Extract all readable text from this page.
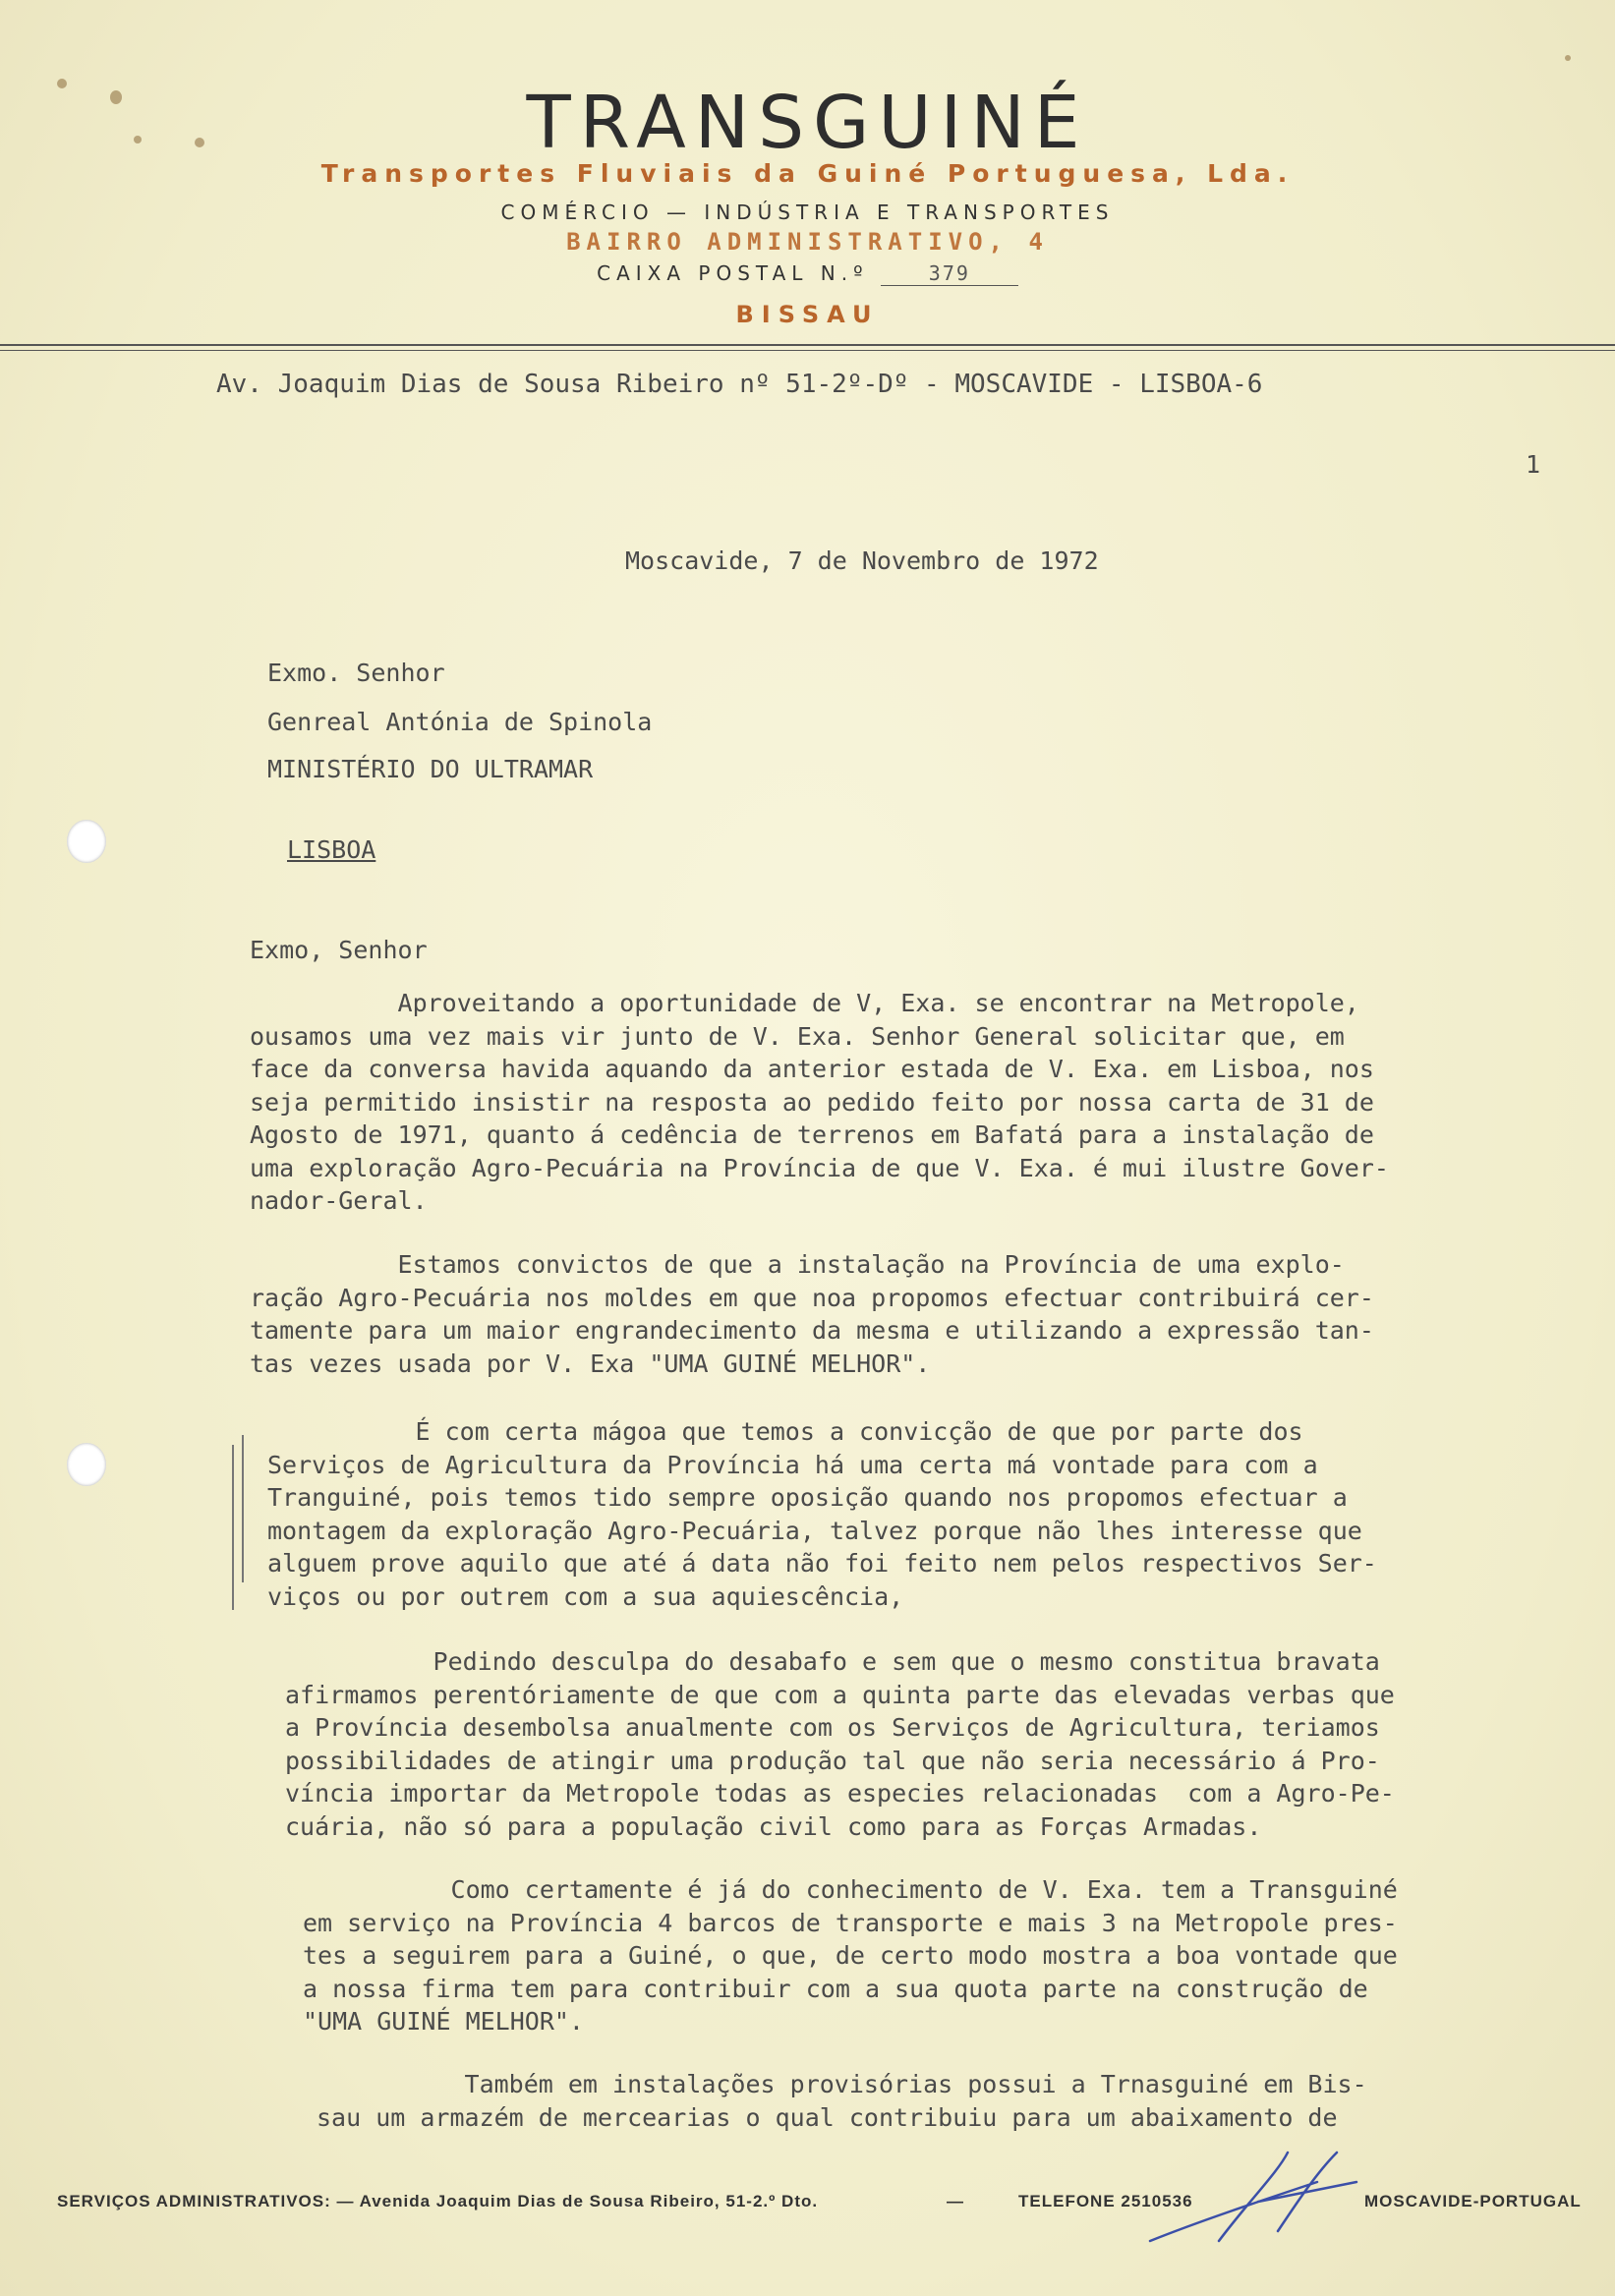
TRANSGUINÉ
Transportes Fluviais da Guiné Portuguesa, Lda.
COMÉRCIO — INDÚSTRIA E TRANSPORTES
BAIRRO ADMINISTRATIVO, 4
CAIXA POSTAL N.º	379
BISSAU
Av. Joaquim Dias de Sousa Ribeiro nº 51-2º-Dº - MOSCAVIDE - LISBOA-6
1
Moscavide, 7 de Novembro de 1972
Exmo. Senhor
Genreal Antónia de Spinola
MINISTÉRIO DO ULTRAMAR
LISBOA
Exmo, Senhor
Aproveitando a oportunidade de V, Exa. se encontrar na Metropole,
ousamos uma vez mais vir junto de V. Exa. Senhor General solicitar que, em
face da conversa havida aquando da anterior estada de V. Exa. em Lisboa, nos
seja permitido insistir na resposta ao pedido feito por nossa carta de 31 de
Agosto de 1971, quanto á cedência de terrenos em Bafatá para a instalação de
uma exploração Agro-Pecuária na Província de que V. Exa. é mui ilustre Gover-
nador-Geral.
Estamos convictos de que a instalação na Província de uma explo-
ração Agro-Pecuária nos moldes em que noa propomos efectuar contribuirá cer-
tamente para um maior engrandecimento da mesma e utilizando a expressão tan-
tas vezes usada por V. Exa "UMA GUINÉ MELHOR".
É com certa mágoa que temos a convicção de que por parte dos
Serviços de Agricultura da Província há uma certa má vontade para com a
Tranguiné, pois temos tido sempre oposição quando nos propomos efectuar a
montagem da exploração Agro-Pecuária, talvez porque não lhes interesse que
alguem prove aquilo que até á data não foi feito nem pelos respectivos Ser-
viços ou por outrem com a sua aquiescência,
Pedindo desculpa do desabafo e sem que o mesmo constitua bravata
afirmamos perentóriamente de que com a quinta parte das elevadas verbas que
a Província desembolsa anualmente com os Serviços de Agricultura, teriamos
possibilidades de atingir uma produção tal que não seria necessário á Pro-
víncia importar da Metropole todas as especies relacionadas  com a Agro-Pe-
cuária, não só para a população civil como para as Forças Armadas.
Como certamente é já do conhecimento de V. Exa. tem a Transguiné
em serviço na Província 4 barcos de transporte e mais 3 na Metropole pres-
tes a seguirem para a Guiné, o que, de certo modo mostra a boa vontade que
a nossa firma tem para contribuir com a sua quota parte na construção de
"UMA GUINÉ MELHOR".
Também em instalações provisórias possui a Trnasguiné em Bis-
sau um armazém de mercearias o qual contribuiu para um abaixamento de
SERVIÇOS ADMINISTRATIVOS: — Avenida Joaquim Dias de Sousa Ribeiro, 51-2.º Dto.	—	TELEFONE 2510536	MOSCAVIDE-PORTUGAL
